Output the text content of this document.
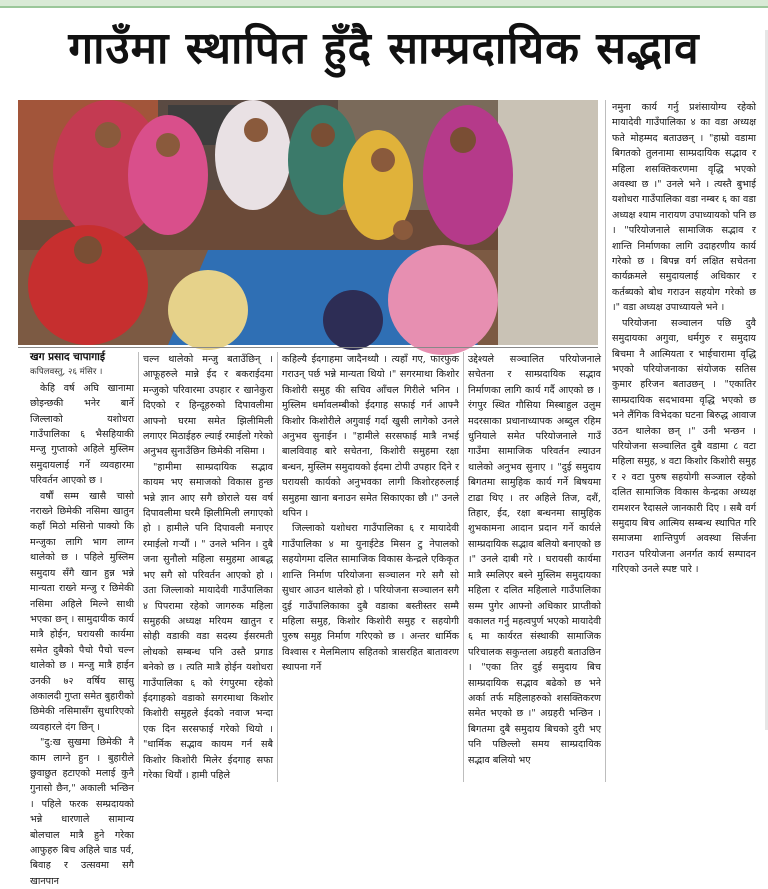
गाउँमा स्थापित हुँदै साम्प्रदायिक सद्भाव

खग प्रसाद चापागाई

कपिलवस्तु, २६ मंसिर ।

केहि वर्ष अघि खानामा छोइन्छकी भनेर बार्ने जिल्लाको यशोधरा गाउँपालिका ६ भैसहियाकी मन्जु गुप्ताको अहिले मुस्लिम समुदायलाई गर्ने व्यवहारमा परिवर्तन आएको छ ।

वर्षौं सम्म खासै चासो नराख्ने छिमेकी नसिमा खातुन कहाँ मिठो मसिनो पाक्यो कि मन्जुका लागि भाग लाग्न थालेको छ । पहिले मुस्लिम समुदाय सँगै खान हुन्न भन्ने मान्यता राख्ने मन्जु र छिमेकी नसिमा अहिले मिल्ने साथी भएका छन् । सामुदायीक कार्य मात्रै होईन, घरायसी कार्यमा समेत दुबैको पैचो पैचो चल्न थालेको छ । मन्जु मात्रै हाईन उनकी ७२ वर्षिय सासु अकालदी गुप्ता समेत बुहारीको छिमेकी नसिमासँग सुधारिएको व्यवहारले दंग छिन् ।

"दु:ख सुखमा छिमेकी नै काम लाग्ने हुन । बुहारीले छुवाछुत हटाएको मलाई कुनै गुनासो छैन," अकाली भन्छिन । पहिले फरक सम्प्रदायको भन्ने धारणाले सामान्य बोलचाल मात्रै हुने गरेका आफुहरु बिच अहिले चाड पर्व, बिवाह र उत्सवमा सगै खानपान

चल्न थालेको मन्जु बताउँछिन् । आफूहरुले मान्ने ईद र बकराईदमा मन्जुको परिवारमा उपहार र खानेकुरा दिएको र हिन्दूहरुको दिपावलीमा आफ्नो घरमा समेत झिलीमिली लगाएर मिठाईहरु ल्याई रमाईलो गरेको अनुभव सुनाउँछिन छिमेकी नसिमा ।

"हामीमा साम्प्रदायिक सद्भाव कायम भए समाजको विकास हुन्छ भन्ने ज्ञान आए सगै छोराले यस वर्ष दिपावलीमा घरमै झिलीमिली लगाएको हो । हामीले पनि दिपावली मनाएर रमाईलो गऱ्यौं । " उनले भनिन । दुबै जना सुनौलो महिला समुहमा आबद्ध भए सगै सो परिवर्तन आएको हो । उता जिल्लाको मायादेवी गाउँपालिका ४ पिपरामा रहेको जागरुक महिला समुहकी अध्यक्ष मरियम खातुन र सोही वडाकी वडा सदस्य ईसरमती लोधको सम्बन्ध पनि उस्तै प्रगाड बनेको छ । त्यति मात्रै होईन यशोधरा गाउँपालिका ६ को रंगपुरमा रहेको ईदगाहको वडाको सगरमाथा किशोर किशोरी समुहले ईदको नवाज भन्दा एक दिन सरसफाई गरेको थियो । "धार्मिक सद्भाव कायम गर्न सबै किशोर किशोरी मिलेर ईदगाह सफा गरेका थियौं । हामी पहिले

कहिल्यै ईदगाहमा जादैनथ्यौ । त्यहाँ गए, फारफुक गराउन् पर्छ भन्ने मान्यता थियो ।" सगरमाथा किशोर किशोरी समुह की सचिव आँचल गिरीले भनिन । मुस्लिम धर्मावलम्बीको ईदगाह सफाई गर्न आफ्नै किशोर किशोरीले अगुवाई गर्दा खुसी लागेको उनले अनुभव सुनाईन । "हामीले सरसफाई मात्रै नभई बालविवाह बारे सचेतना, किशोरी समुहमा रक्षा बन्धन, मुस्लिम समुदायको ईदमा टोपी उपहार दिने र घरायसी कार्यको अनुभवका लागी किशोरहरुलाई समुहमा खाना बनाउन समेत सिकाएका छौ ।" उनले थपिन ।

जिल्लाको यशोधरा गाउँपालिका ६ र मायादेवी गाउँपालिका ४ मा युनाईटेड मिसन टु नेपालको सहयोगमा दलित सामाजिक विकास केन्द्रले एकिकृत शान्ति निर्माण परियोजना सञ्चालन गरे सगै सो सुधार आउन थालेको हो । परियोजना सञ्चालन सगै दुई गाउँपालिकाका दुबै वडाका बस्तीस्तर सम्मै महिला समुह, किशोर किशोरी समुह र सहयोगी पुरुष समुह निर्माण गरिएको छ । अन्तर धार्मिक विश्वास र मेलमिलाप सहितको त्रासरहित बातावरण स्थापना गर्ने

उद्देश्यले सञ्चालित परियोजनाले सचेतना र साम्प्रदायिक सद्भाव निर्माणका लागि कार्य गर्दै आएको छ । रंगपुर स्थित गौसिया मिस्बाहुल उलुम मदरसाका प्रधानाध्यापक अब्दुल रहिम धुनियाले समेत परियोजनाले गाउँ गाउँमा सामाजिक परिवर्तन ल्याउन थालेको अनुभव सुनाए । "दुई समुदाय बिगतमा सामुहिक कार्य गर्ने बिषयमा टाढा थिए । तर अहिले तिज, दशैं, तिहार, ईद, रक्षा बन्धनमा सामुहिक शुभकामना आदान प्रदान गर्ने कार्यले साम्प्रदायिक सद्भाव बलियो बनाएको छ ।" उनले दाबी गरे । घरायसी कार्यमा मात्रै स्मलिएर बस्ने मुस्लिम समुदायका महिला र दलित महिलाले गाउँपालिका सम्म पुगेर आफ्नो अधिकार प्राप्तीको वकालत गर्नु महत्वपुर्ण भएको मायादेवी ६ मा कार्यरत संस्थाकी सामाजिक परिचालक सकुन्तला अग्रहरी बताउछिन । "एका तिर दुई समुदाय बिच साम्प्रदायिक सद्भाव बढेको छ भने अर्का तर्फ महिलाहरुको शसक्तिकरण समेत भएको छ ।" अग्रहरी भन्छिन । बिगतमा दुबै समुदाय बिचको दुरी भए पनि पछिल्लो समय साम्प्रदायिक सद्भाव बलियो भए

नमुना कार्य गर्नु प्रशंसायोग्य रहेको मायादेवी गाउँपालिका ४ का वडा अध्यक्ष फते मोहम्मद बताउछन् । "हाम्रो वडामा बिगतको तुलनामा साम्प्रदायिक सद्भाव र महिला शसक्तिकरणमा वृद्धि भएको अवस्था छ ।" उनले भने । त्यस्तै बुभाई यशोधरा गाउँपालिका वडा नम्बर ६ का वडा अध्यक्ष श्याम नारायण उपाध्यायको पनि छ । "परियोजनाले सामाजिक सद्भाव र शान्ति निर्माणका लागि उदाहरणीय कार्य गरेको छ । बिपन्न वर्ग लक्षित सचेतना कार्यक्रमले समुदायलाई अधिकार र कर्तब्यको बोध गराउन सहयोग गरेको छ ।" वडा अध्यक्ष उपाध्यायले भने ।

परियोजना सञ्चालन पछि दुवै समुदायका अगुवा, धर्मगुरु र समुदाय बिचमा नै आत्मियता र भाईचारामा वृद्धि भएको परियोजनाका संयोजक सतिस कुमार हरिजन बताउछन् । "एकातिर साम्प्रदायिक सदभावमा वृद्धि भएको छ भने लैंगिक विभेदका घटना बिरुद्ध आवाज उठन थालेका छन् ।" उनी भन्छन । परियोजना सञ्चालित दुबै वडामा ८ वटा महिला समुह, ४ वटा किशोर किशोरी समुह र २ वटा पुरुष सहयोगी सञ्जाल रहेको दलित सामाजिक विकास केन्द्रका अध्यक्ष रामशरन रैदासले जानकारी दिए । सबै वर्ग समुदाय बिच आत्मिय सम्बन्ध स्थापित गरि समाजमा शान्तिपुर्ण अवस्था सिर्जना गराउन परियोजना अनर्गत कार्य सम्पादन गरिएको उनले स्पष्ट पारे ।
